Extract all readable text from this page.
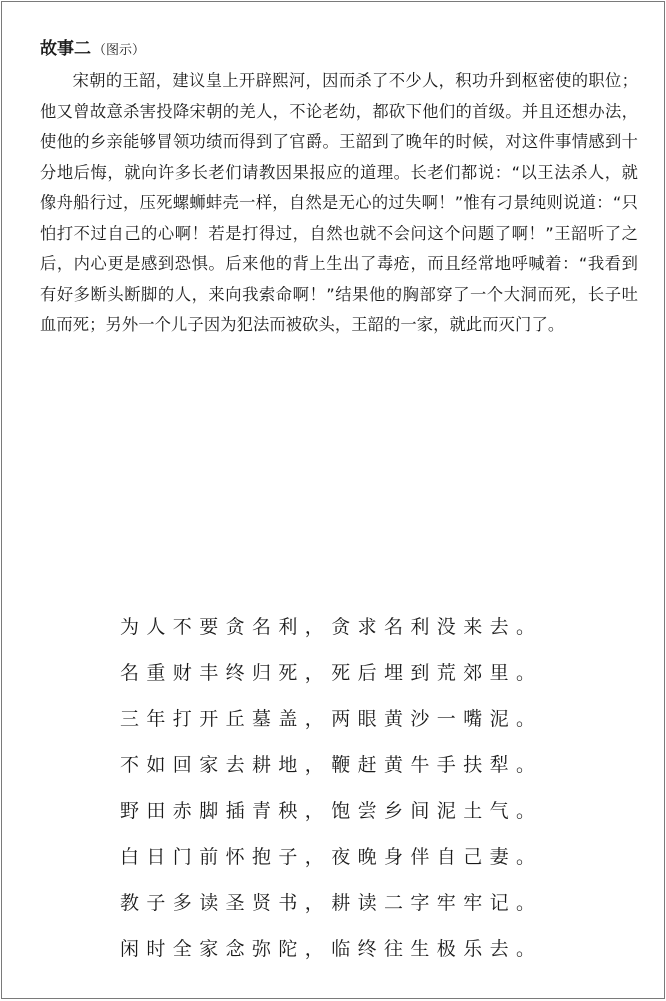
故事二 （图示）

宋朝的王韶，建议皇上开辟熙河，因而杀了不少人，积功升到枢密使的职位；他又曾故意杀害投降宋朝的羌人，不论老幼，都砍下他们的首级。并且还想办法，使他的乡亲能够冒领功绩而得到了官爵。王韶到了晚年的时候，对这件事情感到十分地后悔，就向许多长老们请教因果报应的道理。长老们都说：“以王法杀人，就像舟船行过，压死螺蛳蚌壳一样，自然是无心的过失啊！”惟有刁景纯则说道：“只怕打不过自己的心啊！若是打得过，自然也就不会问这个问题了啊！”王韶听了之后，内心更是感到恐惧。后来他的背上生出了毒疮，而且经常地呼喊着：“我看到有好多断头断脚的人，来向我索命啊！”结果他的胸部穿了一个大洞而死，长子吐血而死；另外一个儿子因为犯法而被砍头，王韶的一家，就此而灭门了。

为人不要贪名利，贪求名利没来去。
名重财丰终归死，死后埋到荒郊里。
三年打开丘墓盖，两眼黄沙一嘴泥。
不如回家去耕地，鞭赶黄牛手扶犁。
野田赤脚插青秧，饱尝乡间泥土气。
白日门前怀抱子，夜晚身伴自己妻。
教子多读圣贤书，耕读二字牢牢记。
闲时全家念弥陀，临终往生极乐去。
